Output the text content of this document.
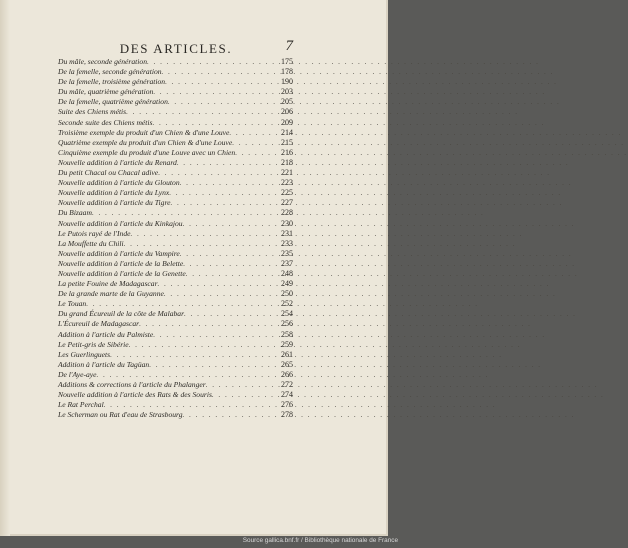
DES ARTICLES.	7
Du mâle, seconde génération . . .	175
De la femelle, seconde génération . . .	178
De la femelle, troisième génération . . .	190
Du mâle, quatrième génération . . .	203
De la femelle, quatrième génération . . .	205
Suite des Chiens métis . . .	206
Seconde suite des Chiens métis . . .	209
Troisième exemple du produit d'un Chien & d'une Louve . . .	214
Quatrième exemple du produit d'un Chien & d'une Louve . . .	215
Cinquième exemple du produit d'une Louve avec un Chien . . .	216
Nouvelle addition à l'article du Renard . . .	218
Du petit Chacal ou Chacal adive . . .	221
Nouvelle addition à l'article du Glouton . . .	223
Nouvelle addition à l'article du Lynx . . .	225
Nouvelle addition à l'article du Tigre . . .	227
Du Bizaam . . .	228
Nouvelle addition à l'article du Kinkajou . . .	230
Le Putois rayé de l'Inde . . .	231
La Mouffette du Chili . . .	233
Nouvelle addition à l'article du Vampire . . .	235
Nouvelle addition à l'article de la Belette . . .	237
Nouvelle addition à l'article de la Genette . . .	248
La petite Fouine de Madagascar . . .	249
De la grande marte de la Guyanne . . .	250
Le Touan . . .	252
Du grand Écureuil de la côte de Malabar . . .	254
L'Écureuil de Madagascar . . .	256
Addition à l'article du Palmiste . . .	258
Le Petit-gris de Sibérie . . .	259
Les Guerlinguets . . .	261
Addition à l'article du Tagüan . . .	265
De l'Aye-aye . . .	266
Additions & corrections à l'article du Phalanger . . .	272
Nouvelle addition à l'article des Rats & des Souris . . .	274
Le Rat Perchal . . .	276
Le Scherman ou Rat d'eau de Strasbourg . . .	278
Source gallica.bnf.fr / Bibliothèque nationale de France
